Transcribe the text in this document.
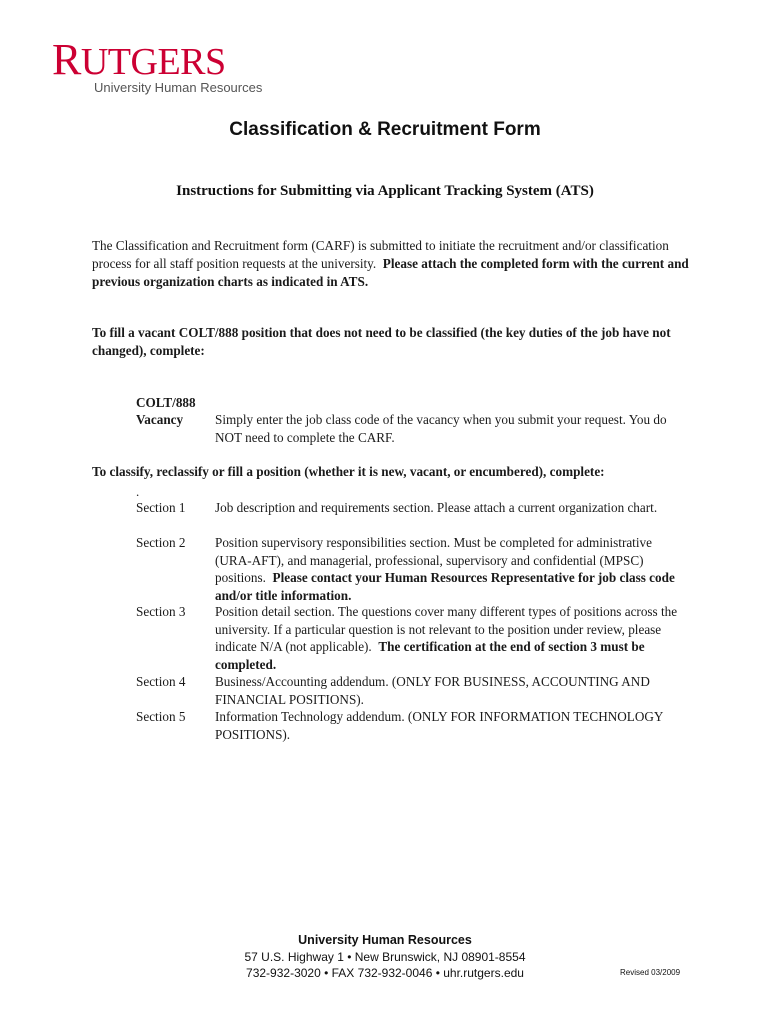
RUTGERS
University Human Resources
Classification & Recruitment Form
Instructions for Submitting via Applicant Tracking System (ATS)
The Classification and Recruitment form (CARF) is submitted to initiate the recruitment and/or classification process for all staff position requests at the university. Please attach the completed form with the current and previous organization charts as indicated in ATS.
To fill a vacant COLT/888 position that does not need to be classified (the key duties of the job have not changed), complete:
COLT/888
Vacancy Simply enter the job class code of the vacancy when you submit your request. You do NOT need to complete the CARF.
To classify, reclassify or fill a position (whether it is new, vacant, or encumbered), complete:
.
Section 1 Job description and requirements section. Please attach a current organization chart.
Section 2 Position supervisory responsibilities section. Must be completed for administrative (URA-AFT), and managerial, professional, supervisory and confidential (MPSC) positions. Please contact your Human Resources Representative for job class code and/or title information.
Section 3 Position detail section. The questions cover many different types of positions across the university. If a particular question is not relevant to the position under review, please indicate N/A (not applicable). The certification at the end of section 3 must be completed.
Section 4 Business/Accounting addendum. (ONLY FOR BUSINESS, ACCOUNTING AND FINANCIAL POSITIONS).
Section 5 Information Technology addendum. (ONLY FOR INFORMATION TECHNOLOGY POSITIONS).
University Human Resources
57 U.S. Highway 1 • New Brunswick, NJ 08901-8554
732-932-3020 • FAX 732-932-0046 • uhr.rutgers.edu	Revised 03/2009
